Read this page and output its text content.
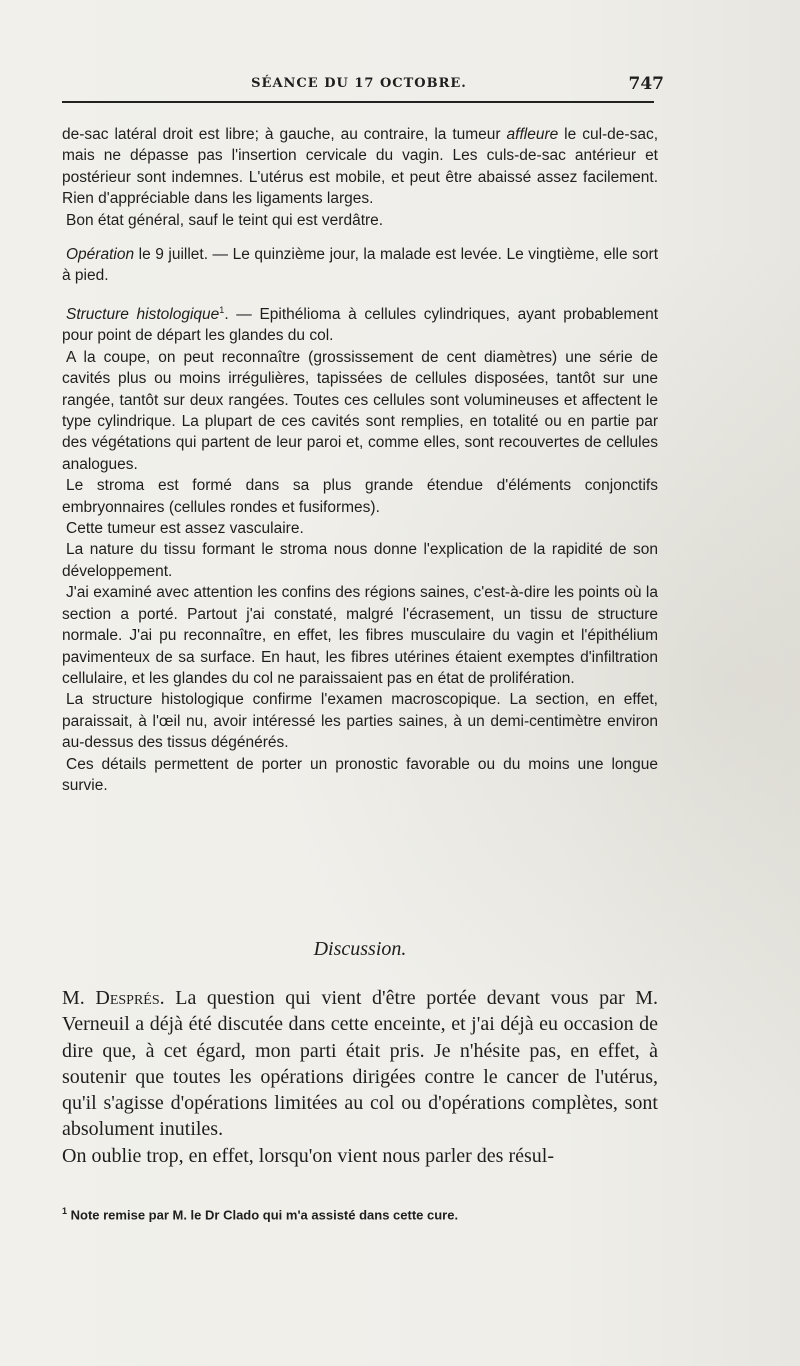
SÉANCE DU 17 OCTOBRE.	747

de-sac latéral droit est libre; à gauche, au contraire, la tumeur affleure le cul-de-sac, mais ne dépasse pas l'insertion cervicale du vagin. Les culs-de-sac antérieur et postérieur sont indemnes. L'utérus est mobile, et peut être abaissé assez facilement. Rien d'appréciable dans les ligaments larges.

Bon état général, sauf le teint qui est verdâtre.

Opération le 9 juillet. — Le quinzième jour, la malade est levée. Le vingtième, elle sort à pied.

Structure histologique$^1$. — Epithélioma à cellules cylindriques, ayant probablement pour point de départ les glandes du col.

A la coupe, on peut reconnaître (grossissement de cent diamètres) une série de cavités plus ou moins irrégulières, tapissées de cellules disposées, tantôt sur une rangée, tantôt sur deux rangées. Toutes ces cellules sont volumineuses et affectent le type cylindrique. La plupart de ces cavités sont remplies, en totalité ou en partie par des végétations qui partent de leur paroi et, comme elles, sont recouvertes de cellules analogues.

Le stroma est formé dans sa plus grande étendue d'éléments conjonctifs embryonnaires (cellules rondes et fusiformes).

Cette tumeur est assez vasculaire.

La nature du tissu formant le stroma nous donne l'explication de la rapidité de son développement.

J'ai examiné avec attention les confins des régions saines, c'est-à-dire les points où la section a porté. Partout j'ai constaté, malgré l'écrasement, un tissu de structure normale. J'ai pu reconnaître, en effet, les fibres musculaire du vagin et l'épithélium pavimenteux de sa surface. En haut, les fibres utérines étaient exemptes d'infiltration cellulaire, et les glandes du col ne paraissaient pas en état de prolifération.

La structure histologique confirme l'examen macroscopique. La section, en effet, paraissait, à l'œil nu, avoir intéressé les parties saines, à un demi-centimètre environ au-dessus des tissus dégénérés.

Ces détails permettent de porter un pronostic favorable ou du moins une longue survie.

Discussion.

M. Després. La question qui vient d'être portée devant vous par M. Verneuil a déjà été discutée dans cette enceinte, et j'ai déjà eu occasion de dire que, à cet égard, mon parti était pris. Je n'hésite pas, en effet, à soutenir que toutes les opérations dirigées contre le cancer de l'utérus, qu'il s'agisse d'opérations limitées au col ou d'opérations complètes, sont absolument inutiles.

On oublie trop, en effet, lorsqu'on vient nous parler des résul-

$^1$ Note remise par M. le Dr Clado qui m'a assisté dans cette cure.
